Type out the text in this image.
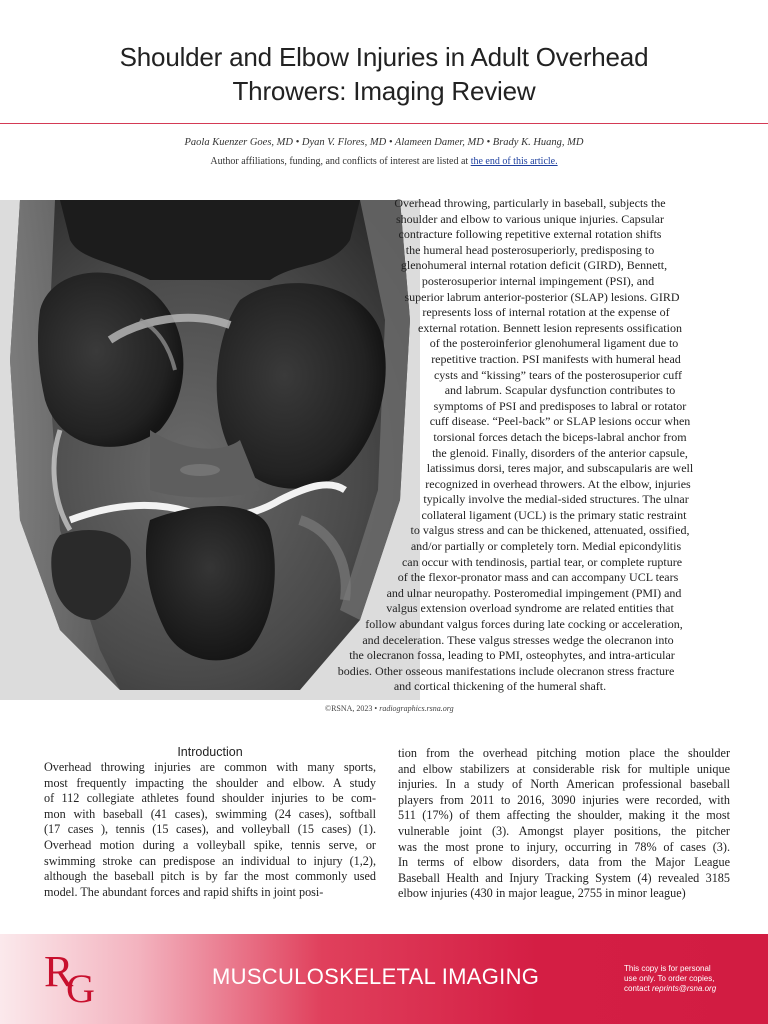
Shoulder and Elbow Injuries in Adult Overhead
Throwers: Imaging Review
Paola Kuenzer Goes, MD • Dyan V. Flores, MD • Alameen Damer, MD • Brady K. Huang, MD
Author affiliations, funding, and conflicts of interest are listed at the end of this article.
Overhead throwing, particularly in baseball, subjects the
shoulder and elbow to various unique injuries. Capsular
contracture following repetitive external rotation shifts
the humeral head posterosuperiorly, predisposing to
glenohumeral internal rotation deficit (GIRD), Bennett,
posterosuperior internal impingement (PSI), and
superior labrum anterior-posterior (SLAP) lesions. GIRD
represents loss of internal rotation at the expense of
external rotation. Bennett lesion represents ossification
of the posteroinferior glenohumeral ligament due to
repetitive traction. PSI manifests with humeral head
cysts and “kissing” tears of the posterosuperior cuff
and labrum. Scapular dysfunction contributes to
symptoms of PSI and predisposes to labral or rotator
cuff disease. “Peel-back” or SLAP lesions occur when
torsional forces detach the biceps-labral anchor from
the glenoid. Finally, disorders of the anterior capsule,
latissimus dorsi, teres major, and subscapularis are well
recognized in overhead throwers. At the elbow, injuries
typically involve the medial-sided structures. The ulnar
collateral ligament (UCL) is the primary static restraint
to valgus stress and can be thickened, attenuated, ossified,
and/or partially or completely torn. Medial epicondylitis
can occur with tendinosis, partial tear, or complete rupture
of the flexor-pronator mass and can accompany UCL tears
and ulnar neuropathy. Posteromedial impingement (PMI) and
valgus extension overload syndrome are related entities that
follow abundant valgus forces during late cocking or acceleration,
and deceleration. These valgus stresses wedge the olecranon into
the olecranon fossa, leading to PMI, osteophytes, and intra-articular
bodies. Other osseous manifestations include olecranon stress fracture
and cortical thickening of the humeral shaft.
©RSNA, 2023 • radiographics.rsna.org
Introduction
Overhead throwing injuries are common with many sports,
most frequently impacting the shoulder and elbow. A study
of 112 collegiate athletes found shoulder injuries to be com-
mon with baseball (41 cases), swimming (24 cases), softball
(17 cases ), tennis (15 cases), and volleyball (15 cases) (1).
Overhead motion during a volleyball spike, tennis serve, or
swimming stroke can predispose an individual to injury (1,2),
although the baseball pitch is by far the most commonly used
model. The abundant forces and rapid shifts in joint posi-
tion from the overhead pitching motion place the shoulder
and elbow stabilizers at considerable risk for multiple unique
injuries. In a study of North American professional baseball
players from 2011 to 2016, 3090 injuries were recorded, with
511 (17%) of them affecting the shoulder, making it the most
vulnerable joint (3). Amongst player positions, the pitcher
was the most prone to injury, occurring in 78% of cases (3).
In terms of elbow disorders, data from the Major League
Baseball Health and Injury Tracking System (4) revealed 3185
elbow injuries (430 in major league, 2755 in minor league)
R
G	MUSCULOSKELETAL IMAGING	This copy is for personal
use only. To order copies,
contact reprints@rsna.org
